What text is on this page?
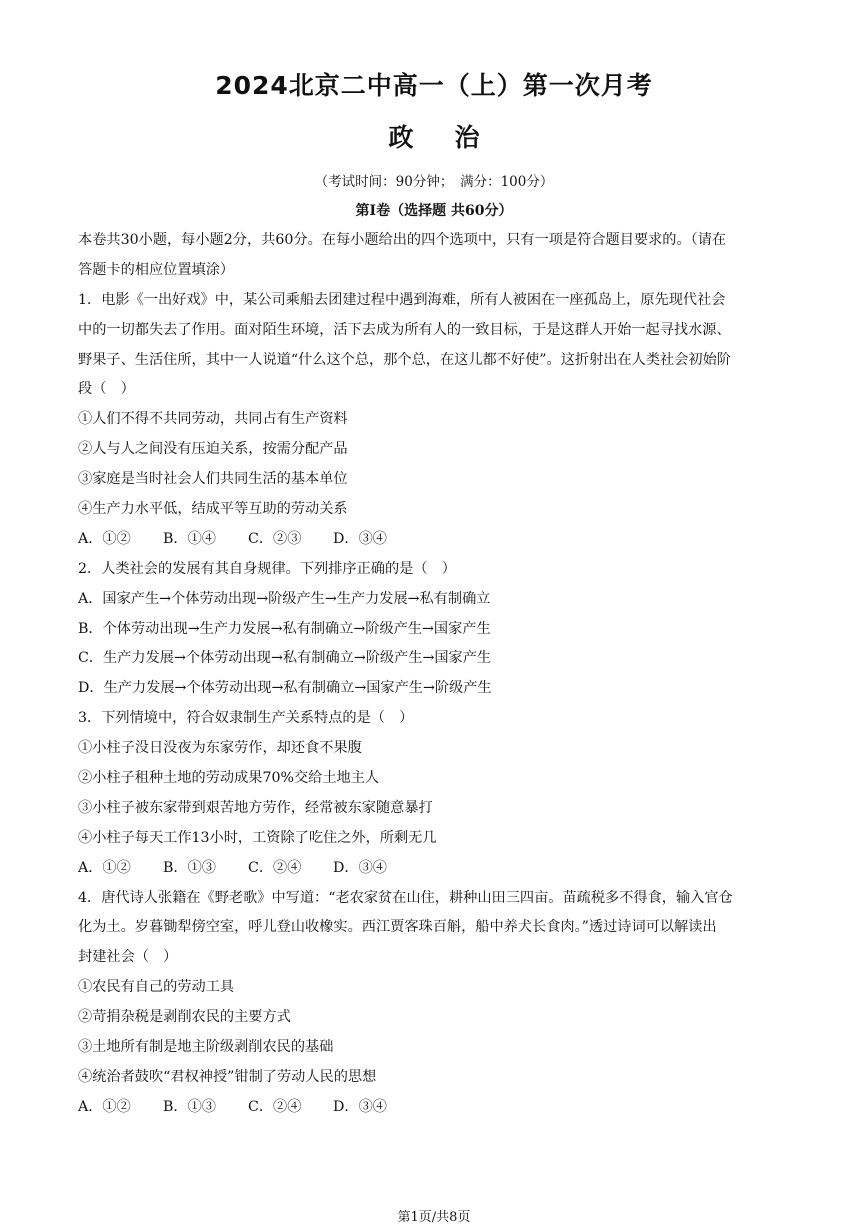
2024北京二中高一（上）第一次月考
政 治
（考试时间：90分钟；　满分：100分）
第Ⅰ卷（选择题 共60分）
本卷共30小题，每小题2分，共60分。在每小题给出的四个选项中，只有一项是符合题目要求的。（请在
答题卡的相应位置填涂）
1．电影《一出好戏》中，某公司乘船去团建过程中遇到海难，所有人被困在一座孤岛上，原先现代社会
中的一切都失去了作用。面对陌生环境，活下去成为所有人的一致目标，于是这群人开始一起寻找水源、
野果子、生活住所，其中一人说道“什么这个总，那个总，在这儿都不好使”。这折射出在人类社会初始阶
段（　）
①人们不得不共同劳动，共同占有生产资料
②人与人之间没有压迫关系，按需分配产品
③家庭是当时社会人们共同生活的基本单位
④生产力水平低，结成平等互助的劳动关系
A．①②	B．①④	C．②③	D．③④
2．人类社会的发展有其自身规律。下列排序正确的是（　）
A．国家产生→个体劳动出现→阶级产生→生产力发展→私有制确立
B．个体劳动出现→生产力发展→私有制确立→阶级产生→国家产生
C．生产力发展→个体劳动出现→私有制确立→阶级产生→国家产生
D．生产力发展→个体劳动出现→私有制确立→国家产生→阶级产生
3．下列情境中，符合奴隶制生产关系特点的是（　）
①小柱子没日没夜为东家劳作，却还食不果腹
②小柱子租种土地的劳动成果70%交给土地主人
③小柱子被东家带到艰苦地方劳作，经常被东家随意暴打
④小柱子每天工作13小时，工资除了吃住之外，所剩无几
A．①②	B．①③	C．②④	D．③④
4．唐代诗人张籍在《野老歌》中写道：“老农家贫在山住，耕种山田三四亩。苗疏税多不得食，输入官仓
化为土。岁暮锄犁傍空室，呼儿登山收橡实。西江贾客珠百斛，船中养犬长食肉。”透过诗词可以解读出
封建社会（　）
①农民有自己的劳动工具
②苛捐杂税是剥削农民的主要方式
③土地所有制是地主阶级剥削农民的基础
④统治者鼓吹“君权神授”钳制了劳动人民的思想
A．①②	B．①③	C．②④	D．③④
第1页/共8页
